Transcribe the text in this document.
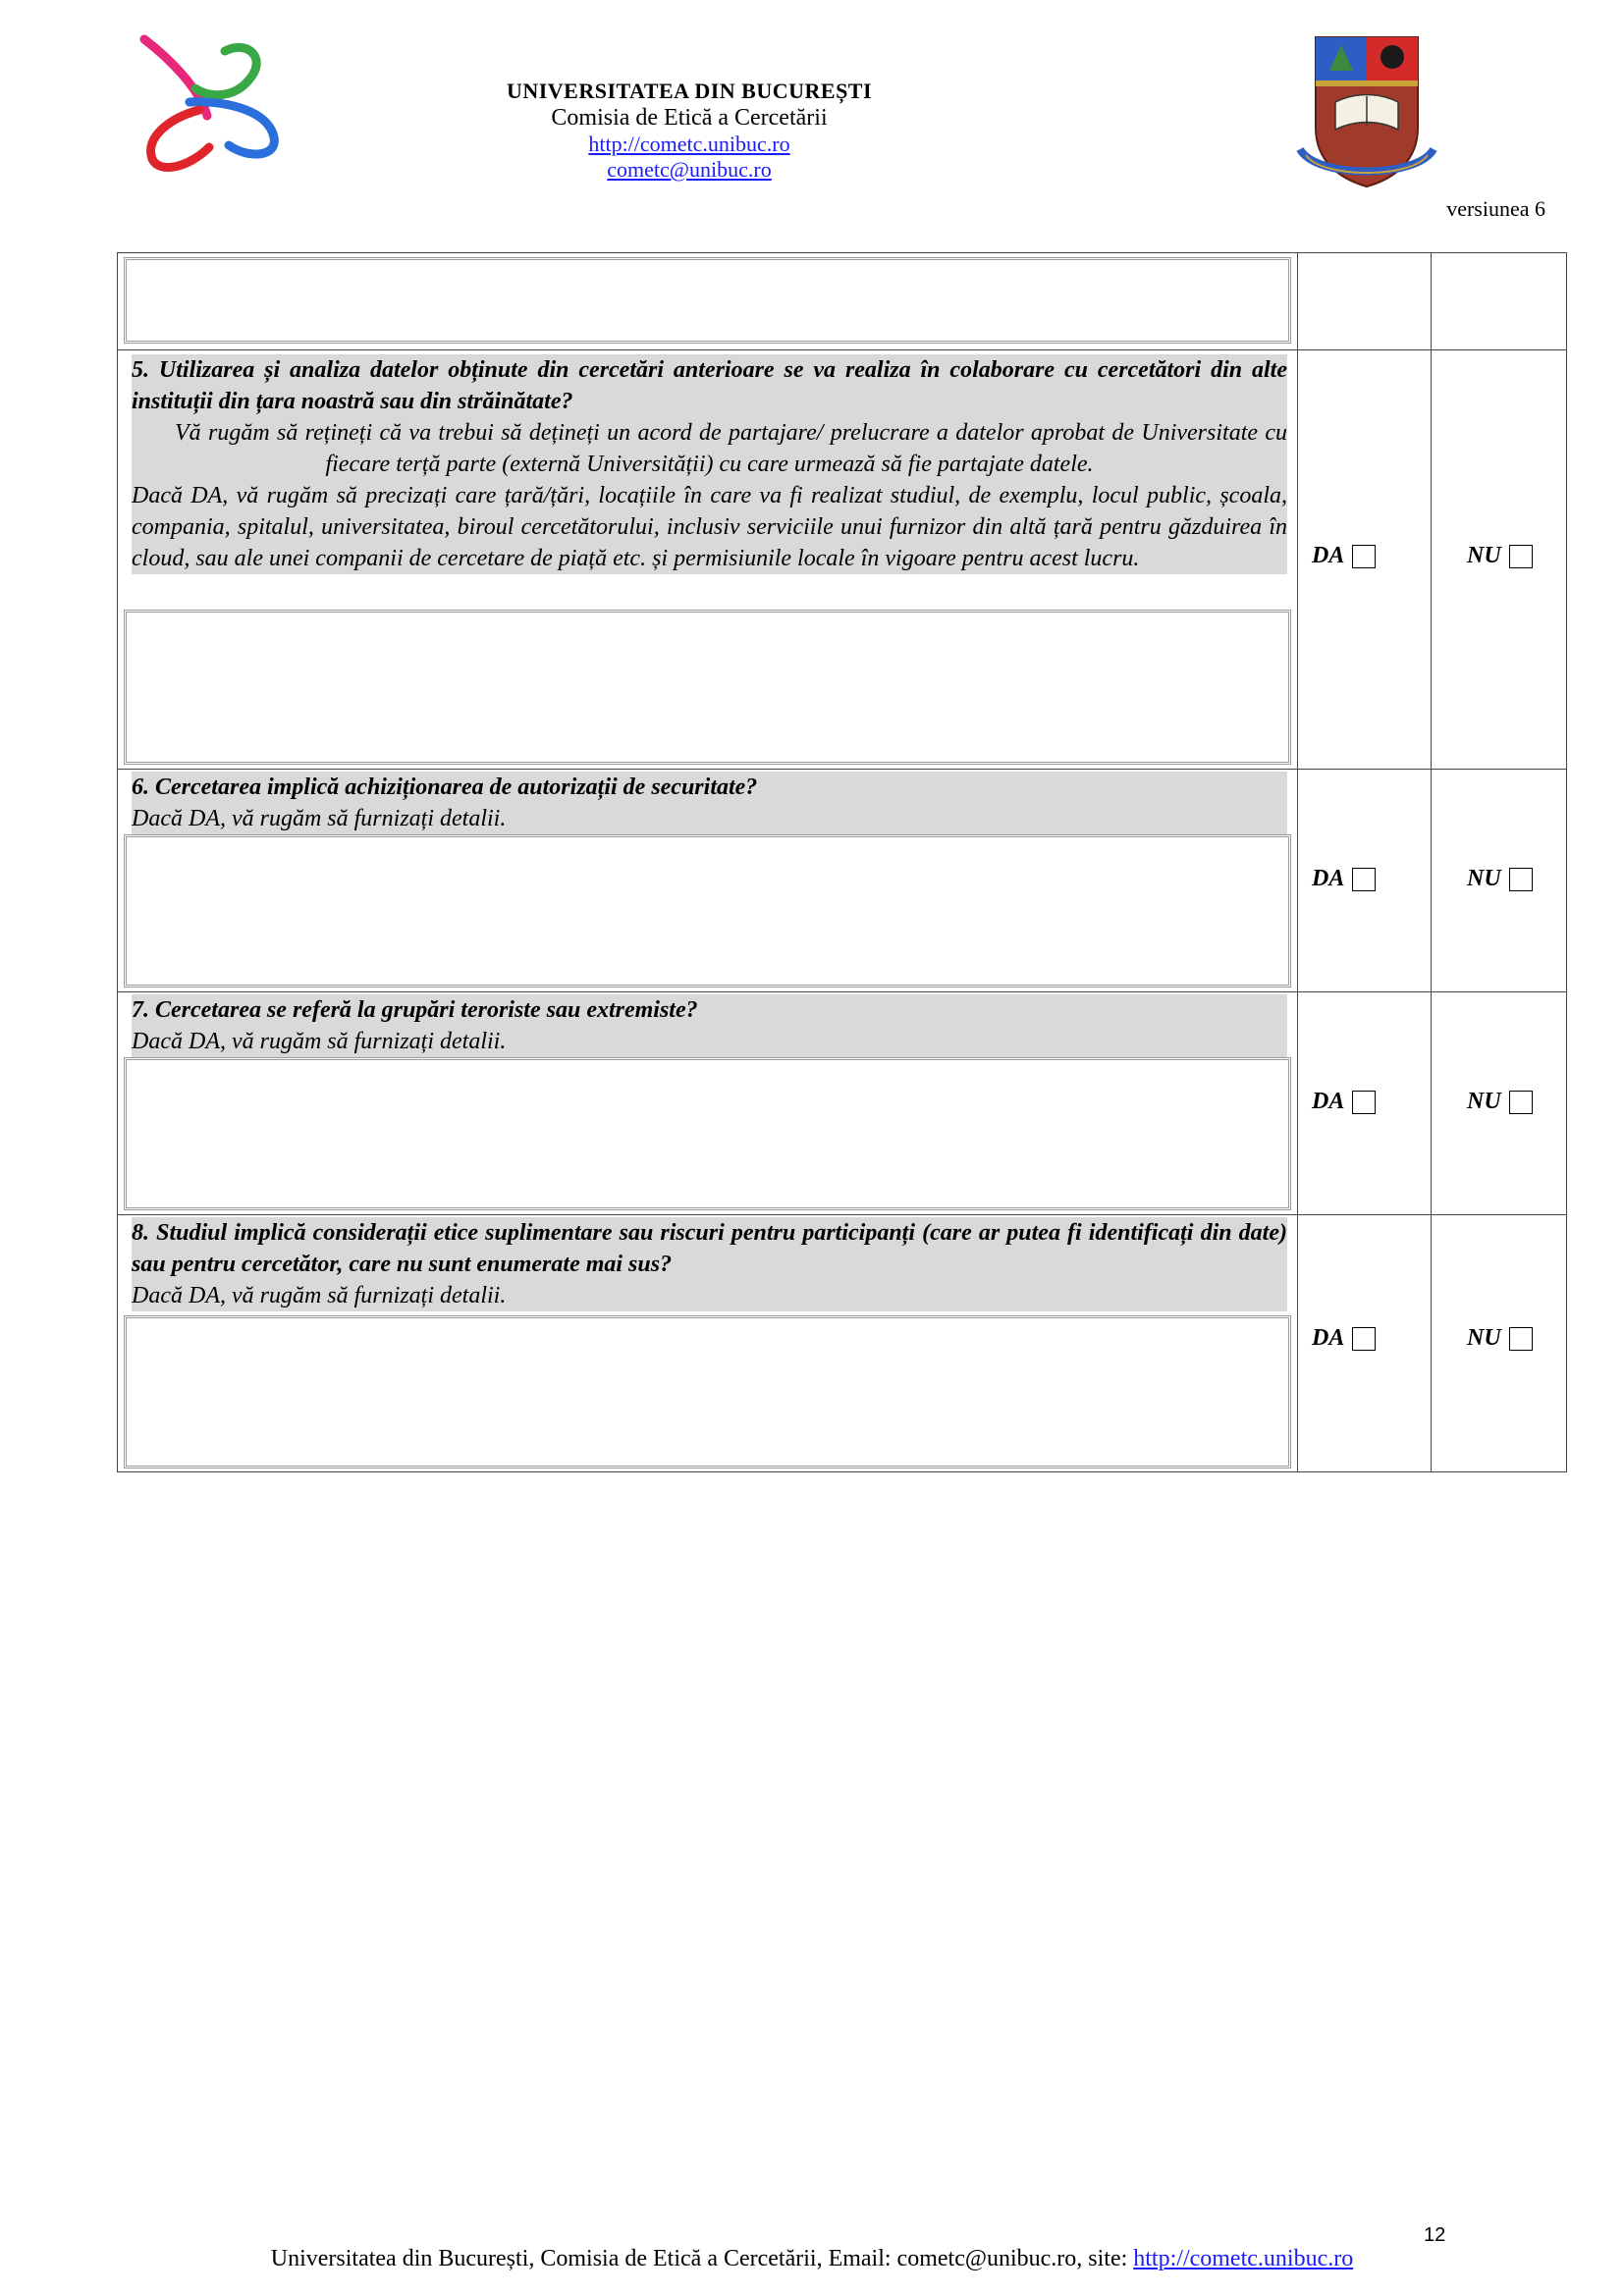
UNIVERSITATEA DIN BUCUREȘTI
Comisia de Etică a Cercetării
http://cometc.unibuc.ro
cometc@unibuc.ro
versiunea 6
5. Utilizarea și analiza datelor obținute din cercetări anterioare se va realiza în colaborare cu cercetători din alte instituții din țara noastră sau din străinătate?
Vă rugăm să rețineți că va trebui să dețineți un acord de partajare/ prelucrare a datelor aprobat de Universitate cu fiecare terță parte (externă Universității) cu care urmează să fie partajate datele.
Dacă DA, vă rugăm să precizați care țară/țări, locațiile în care va fi realizat studiul, de exemplu, locul public, școala, compania, spitalul, universitatea, biroul cercetătorului, inclusiv serviciile unui furnizor din altă țară pentru găzduirea în cloud, sau ale unei companii de cercetare de piață etc. și permisiunile locale în vigoare pentru acest lucru.	DA	NU
6. Cercetarea implică achiziționarea de autorizații de securitate?
Dacă DA, vă rugăm să furnizați detalii.
DA	NU
7. Cercetarea se referă la grupări teroriste sau extremiste?
Dacă DA, vă rugăm să furnizați detalii.
DA	NU
8. Studiul implică considerații etice suplimentare sau riscuri pentru participanți (care ar putea fi identificați din date) sau pentru cercetător, care nu sunt enumerate mai sus?
Dacă DA, vă rugăm să furnizați detalii.
DA	NU
12
Universitatea din București, Comisia de Etică a Cercetării, Email: cometc@unibuc.ro, site: http://cometc.unibuc.ro
